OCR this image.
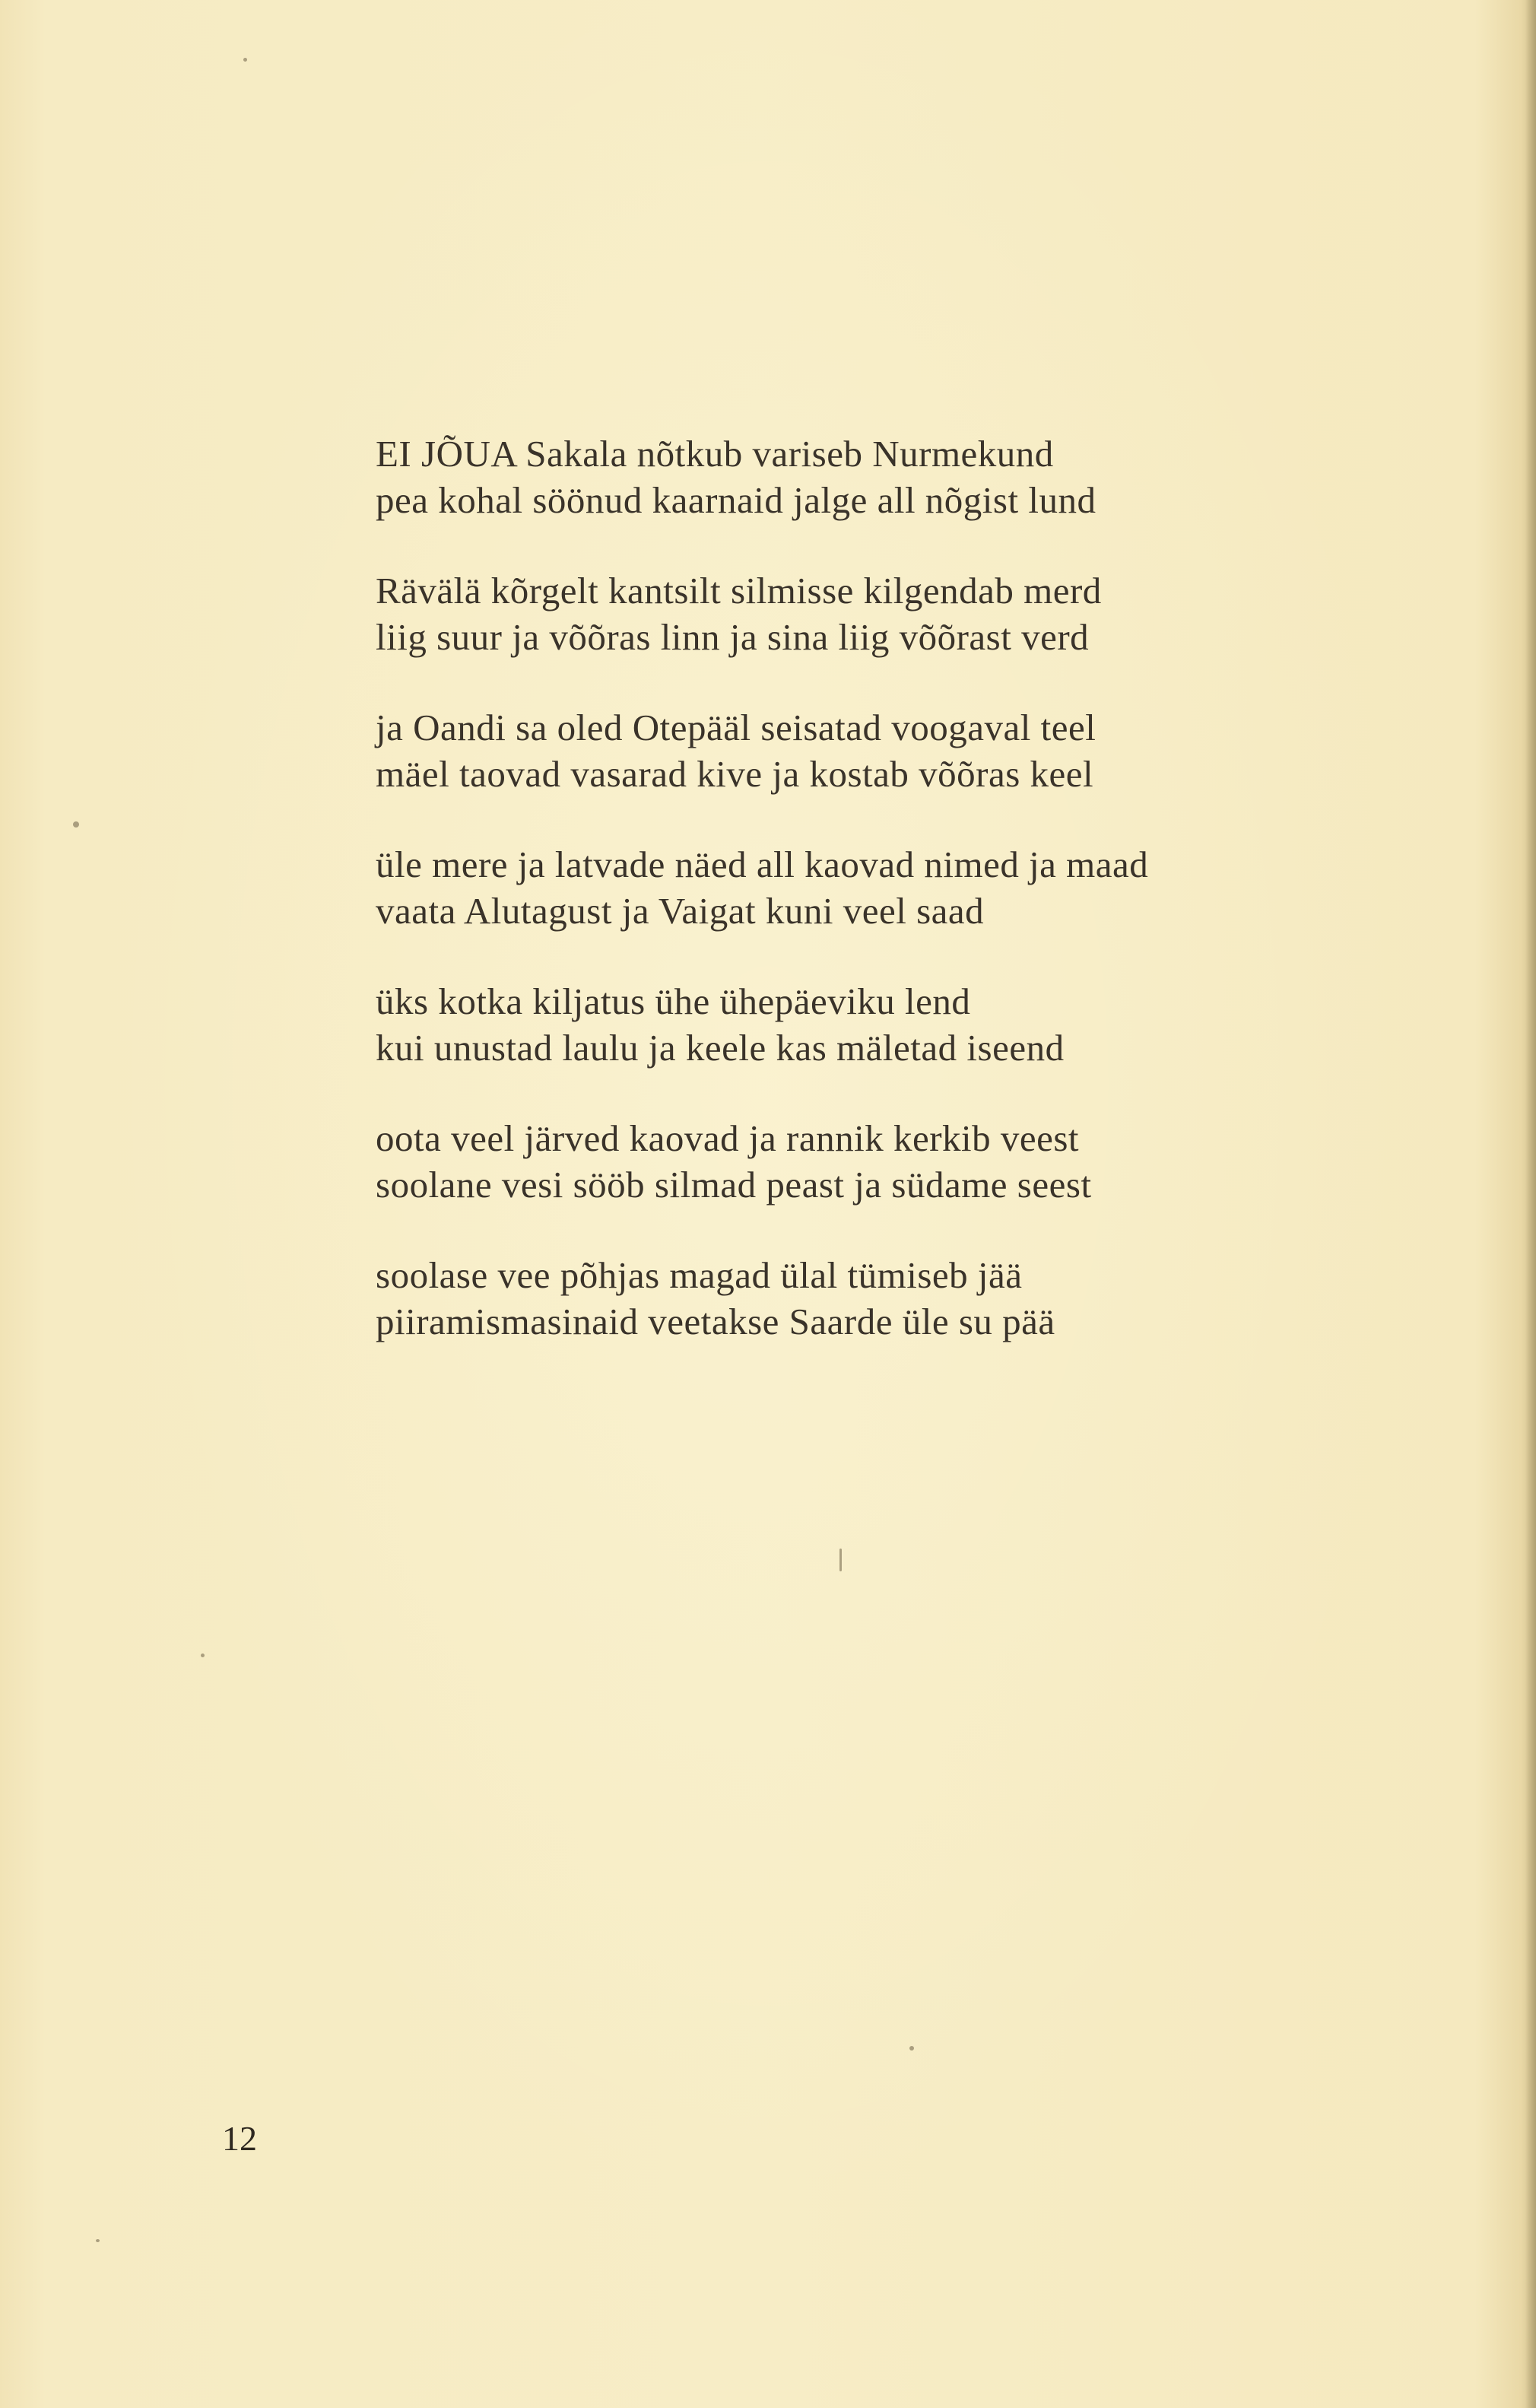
EI JÕUA Sakala nõtkub variseb Nurmekund
pea kohal söönud kaarnaid jalge all nõgist lund
Rävälä kõrgelt kantsilt silmisse kilgendab merd
liig suur ja võõras linn ja sina liig võõrast verd
ja Oandi sa oled Otepääl seisatad voogaval teel
mäel taovad vasarad kive ja kostab võõras keel
üle mere ja latvade näed all kaovad nimed ja maad
vaata Alutagust ja Vaigat kuni veel saad
üks kotka kiljatus ühe ühepäeviku lend
kui unustad laulu ja keele kas mäletad iseend
oota veel järved kaovad ja rannik kerkib veest
soolane vesi sööb silmad peast ja südame seest
soolase vee põhjas magad ülal tümiseb jää
piiramismasinaid veetakse Saarde üle su pää
12
